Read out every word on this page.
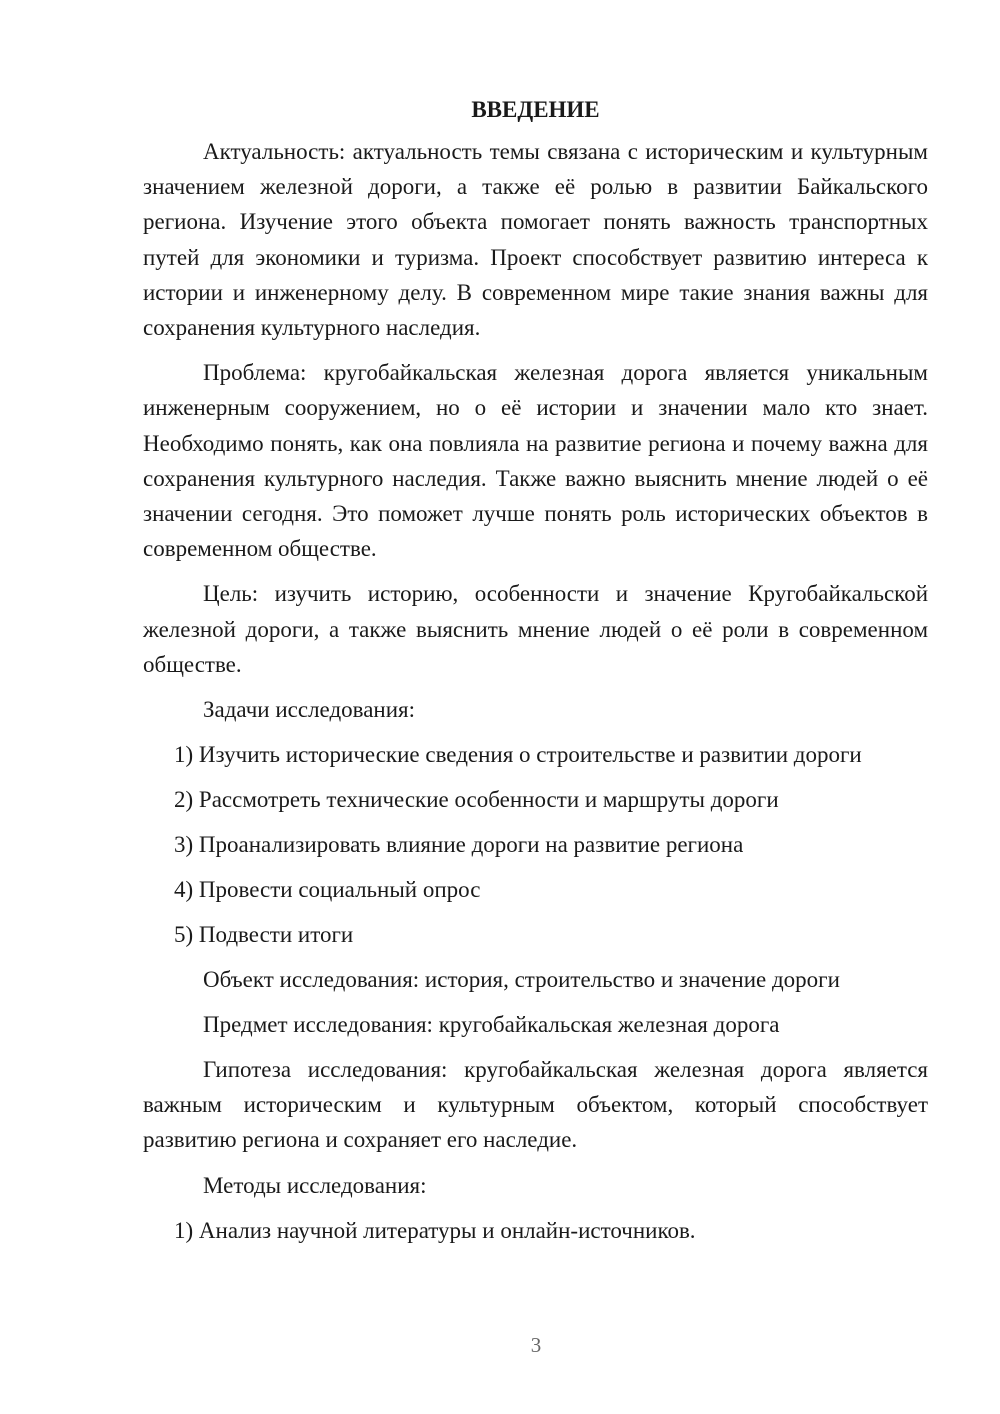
ВВЕДЕНИЕ

Актуальность: актуальность темы связана с историческим и культурным значением железной дороги, а также её ролью в развитии Байкальского региона. Изучение этого объекта помогает понять важность транспортных путей для экономики и туризма. Проект способствует развитию интереса к истории и инженерному делу. В современном мире такие знания важны для сохранения культурного наследия.

Проблема: кругобайкальская железная дорога является уникальным инженерным сооружением, но о её истории и значении мало кто знает. Необходимо понять, как она повлияла на развитие региона и почему важна для сохранения культурного наследия. Также важно выяснить мнение людей о её значении сегодня. Это поможет лучше понять роль исторических объектов в современном обществе.

Цель: изучить историю, особенности и значение Кругобайкальской железной дороги, а также выяснить мнение людей о её роли в современном обществе.

Задачи исследования:
1) Изучить исторические сведения о строительстве и развитии дороги
2) Рассмотреть технические особенности и маршруты дороги
3) Проанализировать влияние дороги на развитие региона
4) Провести социальный опрос
5) Подвести итоги
Объект исследования: история, строительство и значение дороги
Предмет исследования: кругобайкальская железная дорога

Гипотеза исследования: кругобайкальская железная дорога является важным историческим и культурным объектом, который способствует развитию региона и сохраняет его наследие.

Методы исследования:
1) Анализ научной литературы и онлайн-источников.
3
